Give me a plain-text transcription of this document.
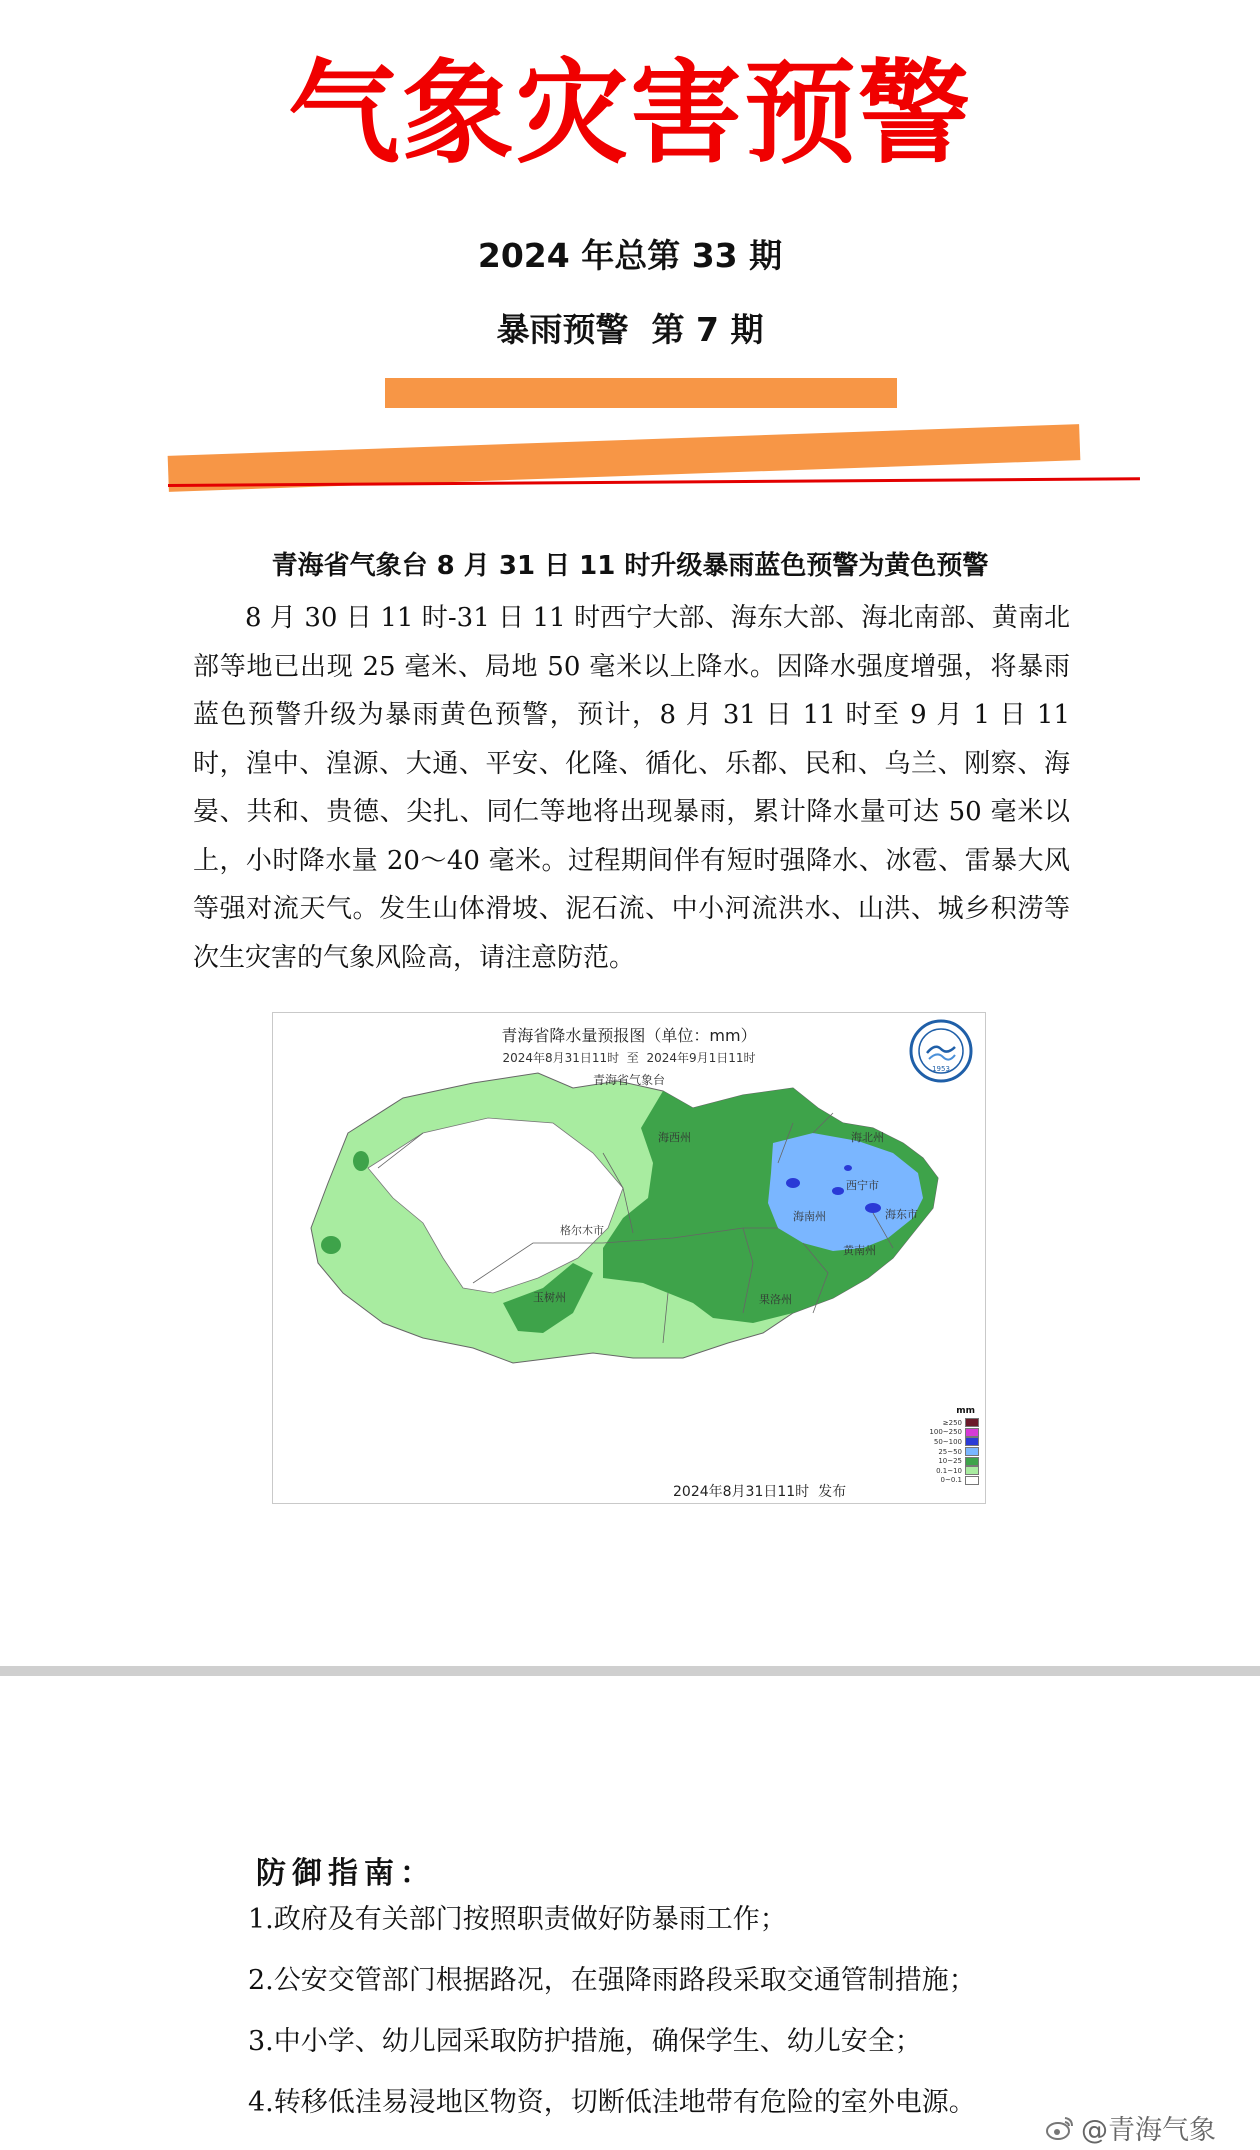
气象灾害预警
2024 年总第 33 期
暴雨预警  第 7 期
青海省气象台 8 月 31 日 11 时升级暴雨蓝色预警为黄色预警
8 月 30 日 11 时-31 日 11 时西宁大部、海东大部、海北南部、黄南北部等地已出现 25 毫米、局地 50 毫米以上降水。因降水强度增强，将暴雨蓝色预警升级为暴雨黄色预警，预计，8 月 31 日 11 时至 9 月 1 日 11 时，湟中、湟源、大通、平安、化隆、循化、乐都、民和、乌兰、刚察、海晏、共和、贵德、尖扎、同仁等地将出现暴雨，累计降水量可达 50 毫米以上，小时降水量 20～40 毫米。过程期间伴有短时强降水、冰雹、雷暴大风等强对流天气。发生山体滑坡、泥石流、中小河流洪水、山洪、城乡积涝等次生灾害的气象风险高，请注意防范。
格尔木市
海西州	海北州
西宁市
海东市
海南州
黄南州
玉树州	果洛州
青海省降水量预报图（单位：mm）
2024年8月31日11时  至  2024年9月1日11时
青海省气象台
1953
mm
≥250
100~250
50~100
25~50
10~25
0.1~10
0~0.1
2024年8月31日11时  发布
防御指南：
1.政府及有关部门按照职责做好防暴雨工作；
2.公安交管部门根据路况，在强降雨路段采取交通管制措施；
3.中小学、幼儿园采取防护措施，确保学生、幼儿安全；
4.转移低洼易浸地区物资，切断低洼地带有危险的室外电源。
@青海气象
